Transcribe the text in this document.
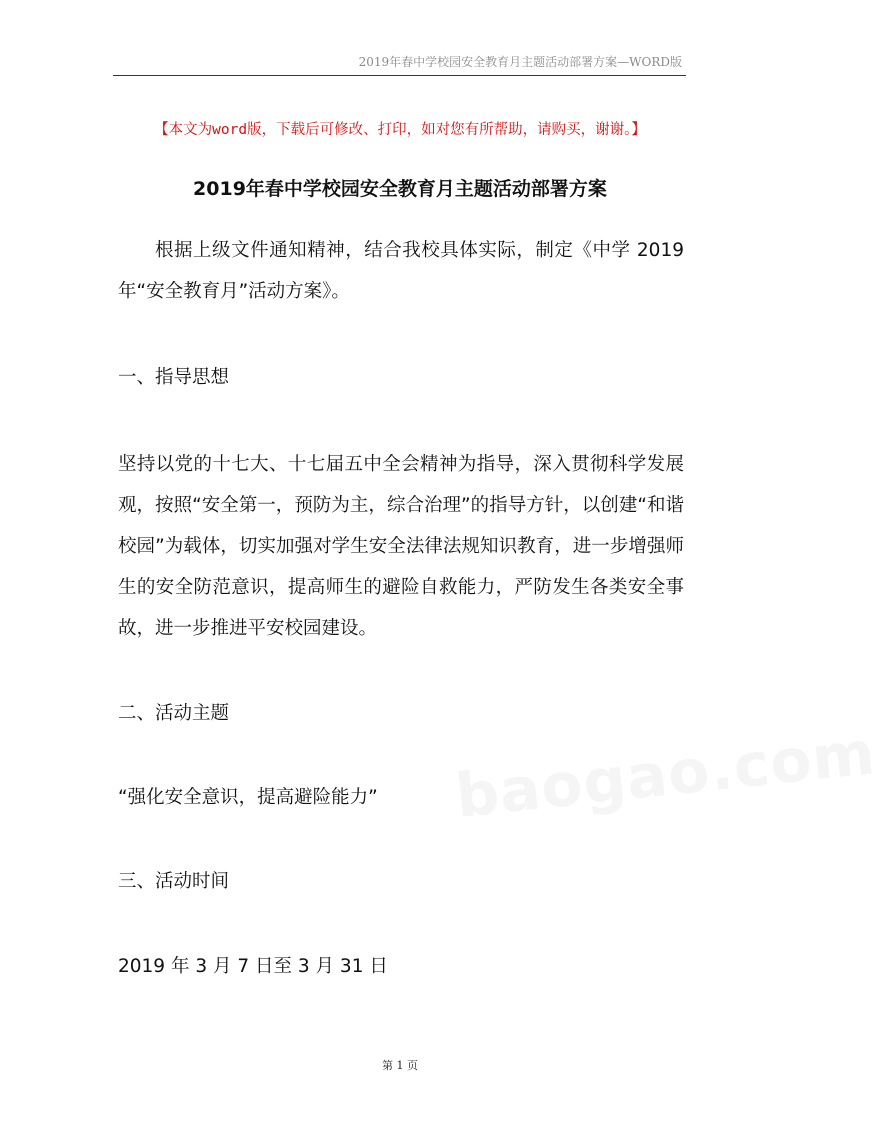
2019年春中学校园安全教育月主题活动部署方案—WORD版
【本文为word版，下载后可修改、打印，如对您有所帮助，请购买，谢谢。】
2019年春中学校园安全教育月主题活动部署方案
baogao.com
根据上级文件通知精神，结合我校具体实际，制定《中学 2019年“安全教育月”活动方案》。
一、指导思想
坚持以党的十七大、十七届五中全会精神为指导，深入贯彻科学发展观，按照“安全第一，预防为主，综合治理”的指导方针，以创建“和谐校园”为载体，切实加强对学生安全法律法规知识教育，进一步增强师生的安全防范意识，提高师生的避险自救能力，严防发生各类安全事故，进一步推进平安校园建设。
二、活动主题
“强化安全意识，提高避险能力”
三、活动时间
2019 年 3 月 7 日至 3 月 31 日
第 1 页
